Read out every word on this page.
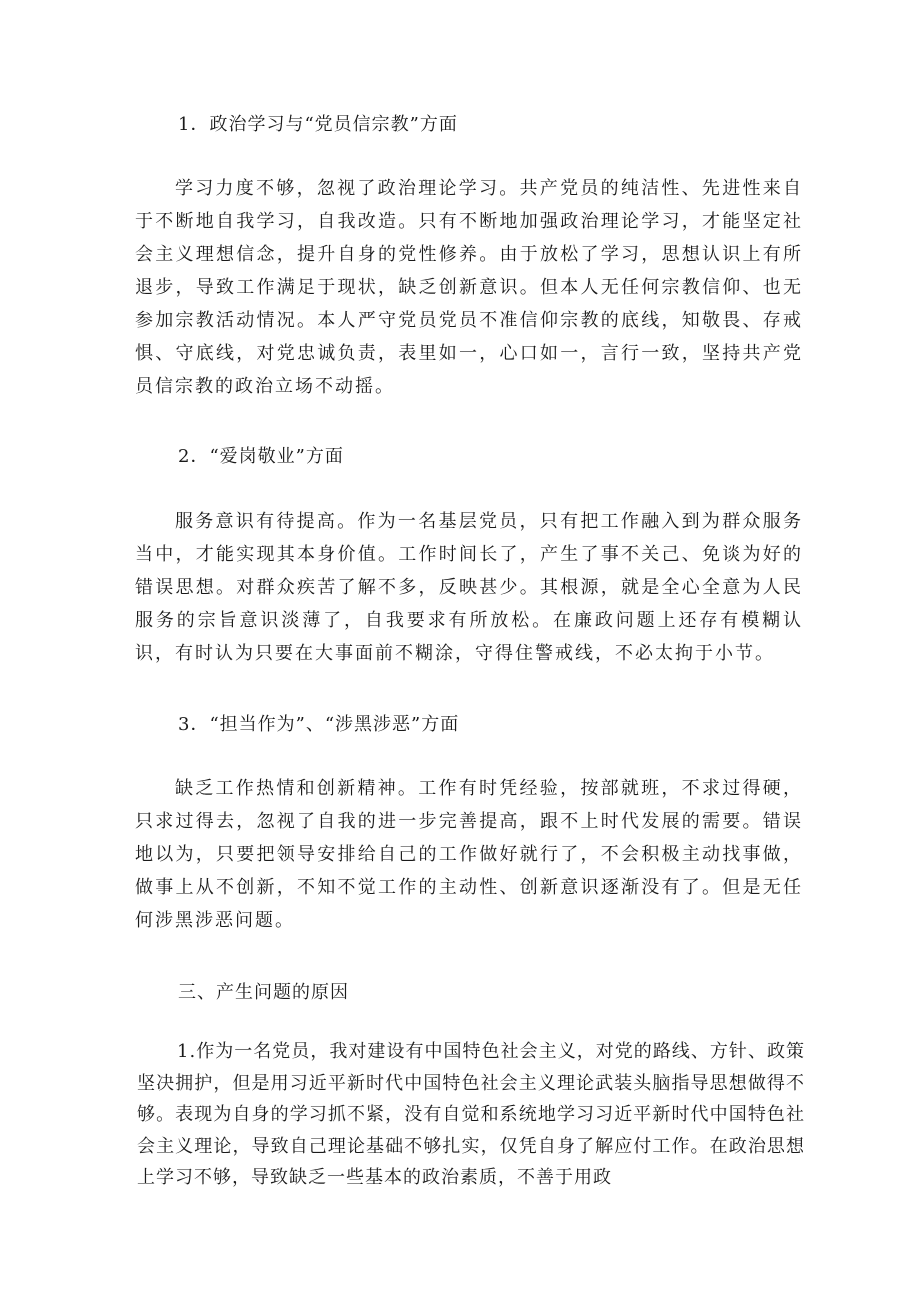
1．政治学习与“党员信宗教”方面
学习力度不够，忽视了政治理论学习。共产党员的纯洁性、先进性来自于不断地自我学习，自我改造。只有不断地加强政治理论学习，才能坚定社会主义理想信念，提升自身的党性修养。由于放松了学习，思想认识上有所退步，导致工作满足于现状，缺乏创新意识。但本人无任何宗教信仰、也无参加宗教活动情况。本人严守党员党员不准信仰宗教的底线，知敬畏、存戒惧、守底线，对党忠诚负责，表里如一，心口如一，言行一致，坚持共产党员信宗教的政治立场不动摇。
2．“爱岗敬业”方面
服务意识有待提高。作为一名基层党员，只有把工作融入到为群众服务当中，才能实现其本身价值。工作时间长了，产生了事不关己、免谈为好的错误思想。对群众疾苦了解不多，反映甚少。其根源，就是全心全意为人民服务的宗旨意识淡薄了，自我要求有所放松。在廉政问题上还存有模糊认识，有时认为只要在大事面前不糊涂，守得住警戒线，不必太拘于小节。
3．“担当作为”、“涉黑涉恶”方面
缺乏工作热情和创新精神。工作有时凭经验，按部就班，不求过得硬，只求过得去，忽视了自我的进一步完善提高，跟不上时代发展的需要。错误地以为，只要把领导安排给自己的工作做好就行了，不会积极主动找事做，做事上从不创新，不知不觉工作的主动性、创新意识逐渐没有了。但是无任何涉黑涉恶问题。
三、产生问题的原因
1.作为一名党员，我对建设有中国特色社会主义，对党的路线、方针、政策坚决拥护，但是用习近平新时代中国特色社会主义理论武装头脑指导思想做得不够。表现为自身的学习抓不紧，没有自觉和系统地学习习近平新时代中国特色社会主义理论，导致自己理论基础不够扎实，仅凭自身了解应付工作。在政治思想上学习不够，导致缺乏一些基本的政治素质，不善于用政
